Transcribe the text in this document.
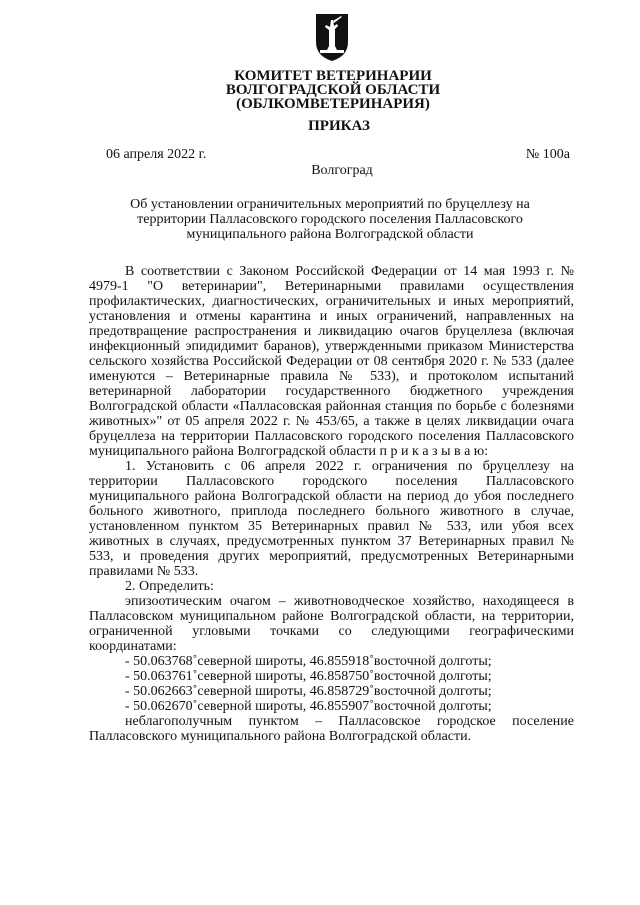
КОМИТЕТ ВЕТЕРИНАРИИ
ВОЛГОГРАДСКОЙ ОБЛАСТИ
(ОБЛКОМВЕТЕРИНАРИЯ)
ПРИКАЗ
06 апреля 2022 г.	№ 100а
Волгоград
Об установлении ограничительных мероприятий по бруцеллезу на территории Палласовского городского поселения Палласовского муниципального района Волгоградской области

В соответствии с Законом Российской Федерации от 14 мая 1993 г. № 4979-1 "О ветеринарии", Ветеринарными правилами осуществления профилактических, диагностических, ограничительных и иных мероприятий, установления и отмены карантина и иных ограничений, направленных на предотвращение распространения и ликвидацию очагов бруцеллеза (включая инфекционный эпидидимит баранов), утвержденными приказом Министерства сельского хозяйства Российской Федерации от 08 сентября 2020 г. № 533 (далее именуются – Ветеринарные правила № 533), и протоколом испытаний ветеринарной лаборатории государственного бюджетного учреждения Волгоградской области «Палласовская районная станция по борьбе с болезнями животных»" от 05 апреля 2022 г. № 453/65, а также в целях ликвидации очага бруцеллеза на территории Палласовского городского поселения Палласовского муниципального района Волгоградской области п р и к а з ы в а ю:

1. Установить с 06 апреля 2022 г. ограничения по бруцеллезу на территории Палласовского городского поселения Палласовского муниципального района Волгоградской области на период до убоя последнего больного животного, приплода последнего больного животного в случае, установленном пунктом 35 Ветеринарных правил № 533, или убоя всех животных в случаях, предусмотренных пунктом 37 Ветеринарных правил № 533, и проведения других мероприятий, предусмотренных Ветеринарными правилами № 533.

2. Определить:

эпизоотическим очагом – животноводческое хозяйство, находящееся в Палласовском муниципальном районе Волгоградской области, на территории, ограниченной угловыми точками со следующими географическими координатами:

- 50.063768˚северной широты, 46.855918˚восточной долготы;
- 50.063761˚северной широты, 46.858750˚восточной долготы;
- 50.062663˚северной широты, 46.858729˚восточной долготы;
- 50.062670˚северной широты, 46.855907˚восточной долготы;

неблагополучным пунктом – Палласовское городское поселение Палласовского муниципального района Волгоградской области.
